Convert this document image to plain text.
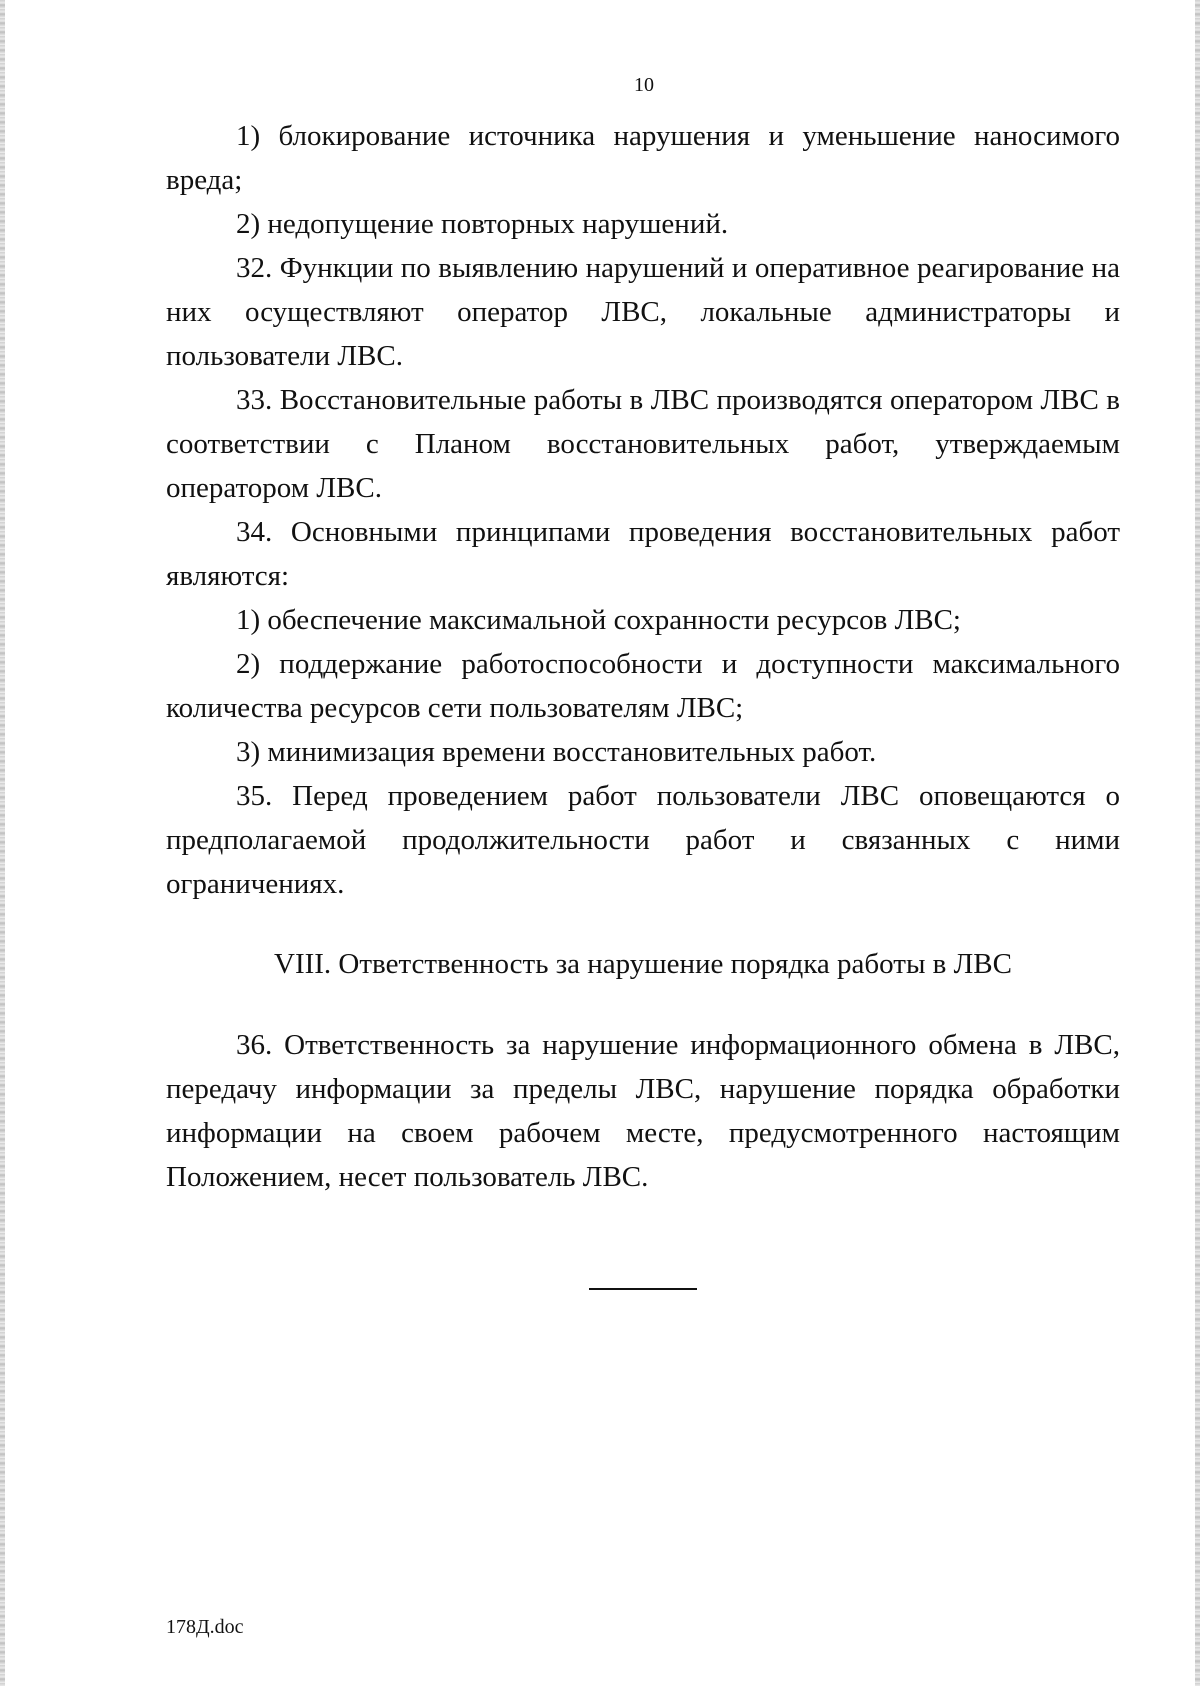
10

1) блокирование источника нарушения и уменьшение наносимого вреда;

2) недопущение повторных нарушений.

32. Функции по выявлению нарушений и оперативное реагирование на них осуществляют оператор ЛВС, локальные администраторы и пользователи ЛВС.

33. Восстановительные работы в ЛВС производятся оператором ЛВС в соответствии с Планом восстановительных работ, утверждаемым оператором ЛВС.

34. Основными принципами проведения восстановительных работ являются:

1) обеспечение максимальной сохранности ресурсов ЛВС;

2) поддержание работоспособности и доступности максимального количества ресурсов сети пользователям ЛВС;

3) минимизация времени восстановительных работ.

35. Перед проведением работ пользователи ЛВС оповещаются о предполагаемой продолжительности работ и связанных с ними ограничениях.

VIII. Ответственность за нарушение порядка работы в ЛВС

36. Ответственность за нарушение информационного обмена в ЛВС, передачу информации за пределы ЛВС, нарушение порядка обработки информации на своем рабочем месте, предусмотренного настоящим Положением, несет пользователь ЛВС.

178Д.doc
